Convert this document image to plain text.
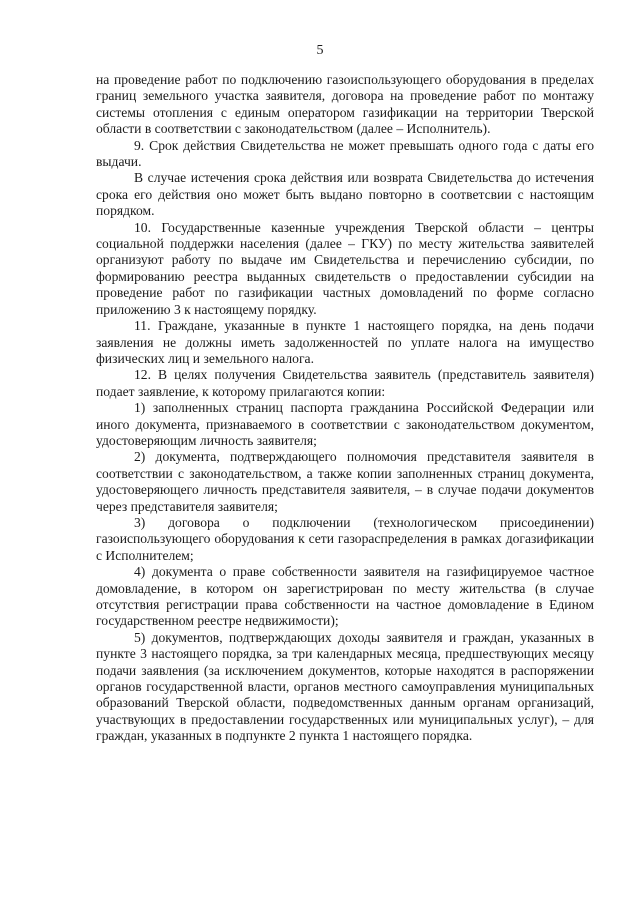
5

на проведение работ по подключению газоиспользующего оборудования в пределах границ земельного участка заявителя, договора на проведение работ по монтажу системы отопления с единым оператором газификации на территории Тверской области в соответствии с законодательством (далее – Исполнитель).

9. Срок действия Свидетельства не может превышать одного года с даты его выдачи.

В случае истечения срока действия или возврата Свидетельства до истечения срока его действия оно может быть выдано повторно в соответсвии с настоящим порядком.

10. Государственные казенные учреждения Тверской области – центры социальной поддержки населения (далее – ГКУ) по месту жительства заявителей организуют работу по выдаче им Свидетельства и перечислению субсидии, по формированию реестра выданных свидетельств о предоставлении субсидии на проведение работ по газификации частных домовладений по форме согласно приложению 3 к настоящему порядку.

11. Граждане, указанные в пункте 1 настоящего порядка, на день подачи заявления не должны иметь задолженностей по уплате налога на имущество физических лиц и земельного налога.

12. В целях получения Свидетельства заявитель (представитель заявителя) подает заявление, к которому прилагаются копии:

1) заполненных страниц паспорта гражданина Российской Федерации или иного документа, признаваемого в соответствии с законодательством документом, удостоверяющим личность заявителя;

2) документа, подтверждающего полномочия представителя заявителя в соответствии с законодательством, а также копии заполненных страниц документа, удостоверяющего личность представителя заявителя, – в случае подачи документов через представителя заявителя;

3) договора о подключении (технологическом присоединении) газоиспользующего оборудования к сети газораспределения в рамках догазификации с Исполнителем;

4) документа о праве собственности заявителя на газифицируемое частное домовладение, в котором он зарегистрирован по месту жительства (в случае отсутствия регистрации права собственности на частное домовладение в Едином государственном реестре недвижимости);

5) документов, подтверждающих доходы заявителя и граждан, указанных в пункте 3 настоящего порядка, за три календарных месяца, предшествующих месяцу подачи заявления (за исключением документов, которые находятся в распоряжении органов государственной власти, органов местного самоуправления муниципальных образований Тверской области, подведомственных данным органам организаций, участвующих в предоставлении государственных или муниципальных услуг), – для граждан, указанных в подпункте 2 пункта 1 настоящего порядка.
